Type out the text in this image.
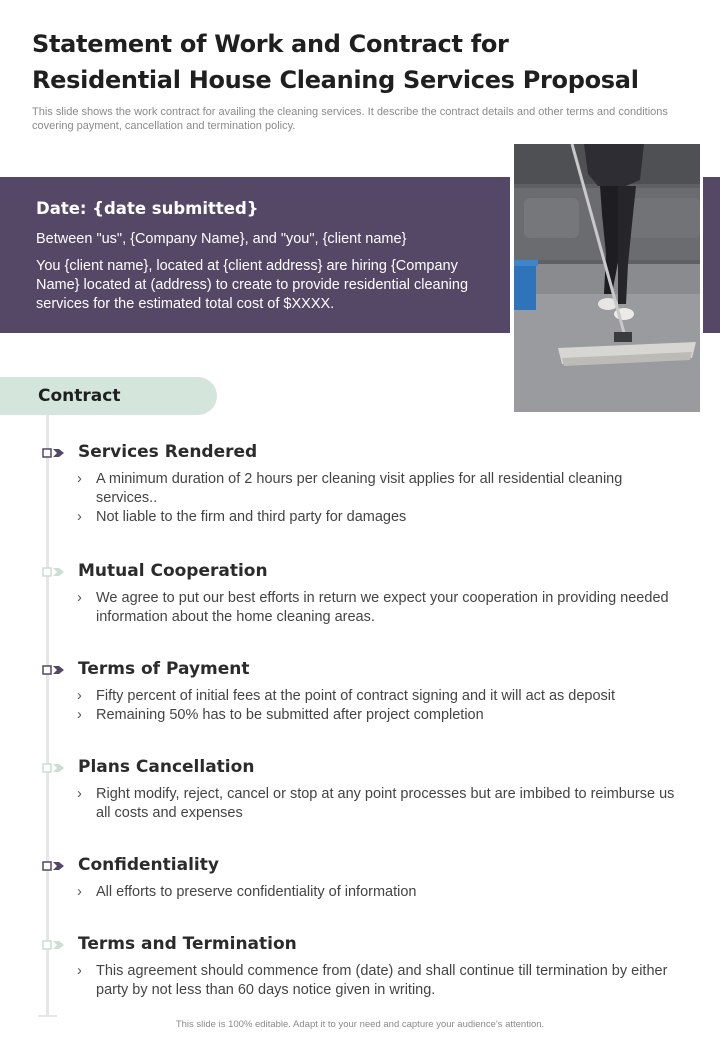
Statement of Work and Contract for
Residential House Cleaning Services Proposal
This slide shows the work contract for availing the cleaning services. It describe the contract details and other terms and conditions covering payment, cancellation and termination policy.
Date: {date submitted}

Between "us", {Company Name}, and "you", {client name}

You {client name}, located at {client address} are hiring {Company Name} located at (address) to create to provide residential cleaning services for the estimated total cost of $XXXX.

Contract
Services Rendered
› A minimum duration of 2 hours per cleaning visit applies for all residential cleaning services..
› Not liable to the firm and third party for damages
Mutual Cooperation
› We agree to put our best efforts in return we expect your cooperation in providing needed information about the home cleaning areas.
Terms of Payment
› Fifty percent of initial fees at the point of contract signing and it will act as deposit
› Remaining 50% has to be submitted after project completion
Plans Cancellation
› Right modify, reject, cancel or stop at any point processes but are imbibed to reimburse us all costs and expenses
Confidentiality
› All efforts to preserve confidentiality of information
Terms and Termination
› This agreement should commence from (date) and shall continue till termination by either party by not less than 60 days notice given in writing.
This slide is 100% editable. Adapt it to your need and capture your audience's attention.
